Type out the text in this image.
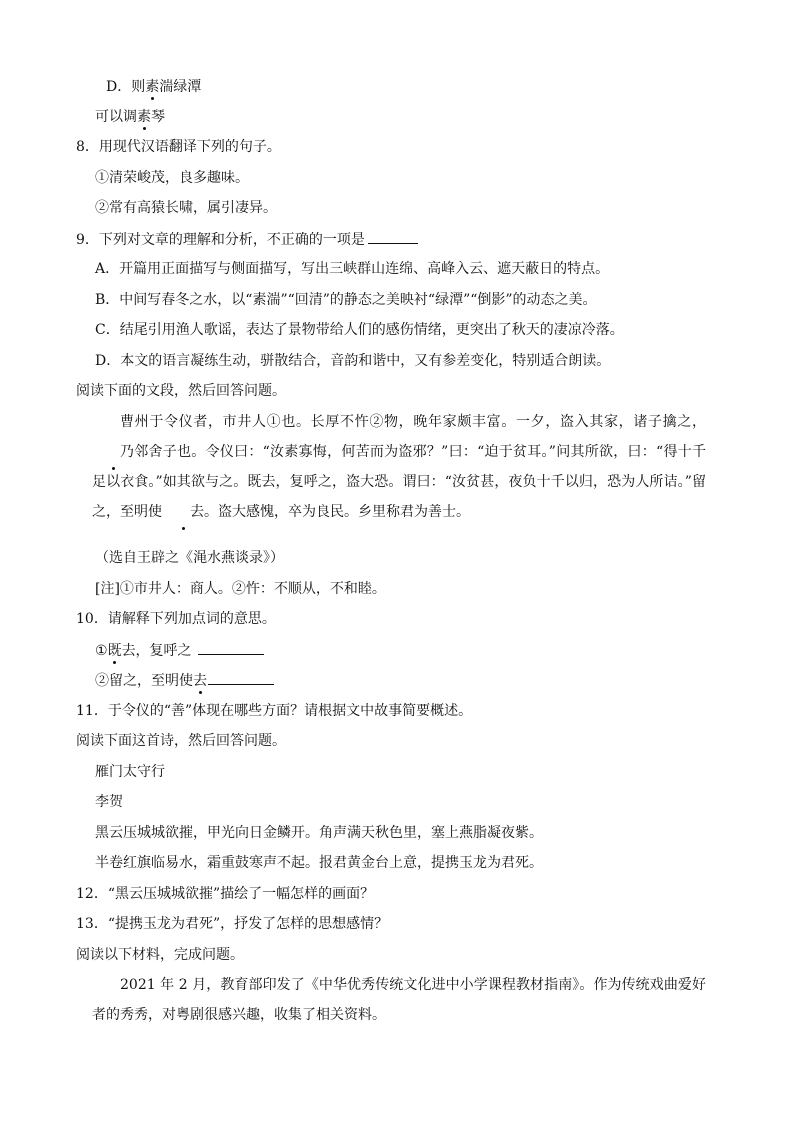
D．则素湍绿潭
可以调素琴
8．用现代汉语翻译下列的句子。
①清荣峻茂，良多趣味。
②常有高猿长啸，属引凄异。
9．下列对文章的理解和分析，不正确的一项是
A．开篇用正面描写与侧面描写，写出三峡群山连绵、高峰入云、遮天蔽日的特点。
B．中间写春冬之水，以“素湍”“回清”的静态之美映衬“绿潭”“倒影”的动态之美。
C．结尾引用渔人歌谣，表达了景物带给人们的感伤情绪，更突出了秋天的凄凉冷落。
D．本文的语言凝练生动，骈散结合，音韵和谐中，又有参差变化，特别适合朗读。
阅读下面的文段，然后回答问题。
曹州于令仪者，市井人①也。长厚不忤②物，晚年家颇丰富。一夕，盗入其家，诸子擒之，乃邻舍子也。令仪曰：“汝素寡悔，何苦而为盗邪？”曰：“迫于贫耳。”问其所欲，曰：“得十千足以衣食。”如其欲与之。既去，复呼之，盗大恐。谓曰：“汝贫甚，夜负十千以归，恐为人所诘。”留之，至明使 去。盗大感愧，卒为良民。乡里称君为善士。
（选自王辟之《渑水燕谈录》）
[注]①市井人：商人。②忤：不顺从，不和睦。
10．请解释下列加点词的意思。
①既去，复呼之
②留之，至明使去
11．于令仪的“善”体现在哪些方面？请根据文中故事简要概述。
阅读下面这首诗，然后回答问题。
雁门太守行
李贺
黑云压城城欲摧，甲光向日金鳞开。角声满天秋色里，塞上燕脂凝夜紫。
半卷红旗临易水，霜重鼓寒声不起。报君黄金台上意，提携玉龙为君死。
12．“黑云压城城欲摧”描绘了一幅怎样的画面？
13．“提携玉龙为君死”，抒发了怎样的思想感情？
阅读以下材料，完成问题。
2021 年 2 月，教育部印发了《中华优秀传统文化进中小学课程教材指南》。作为传统戏曲爱好者的秀秀，对粤剧很感兴趣，收集了相关资料。
